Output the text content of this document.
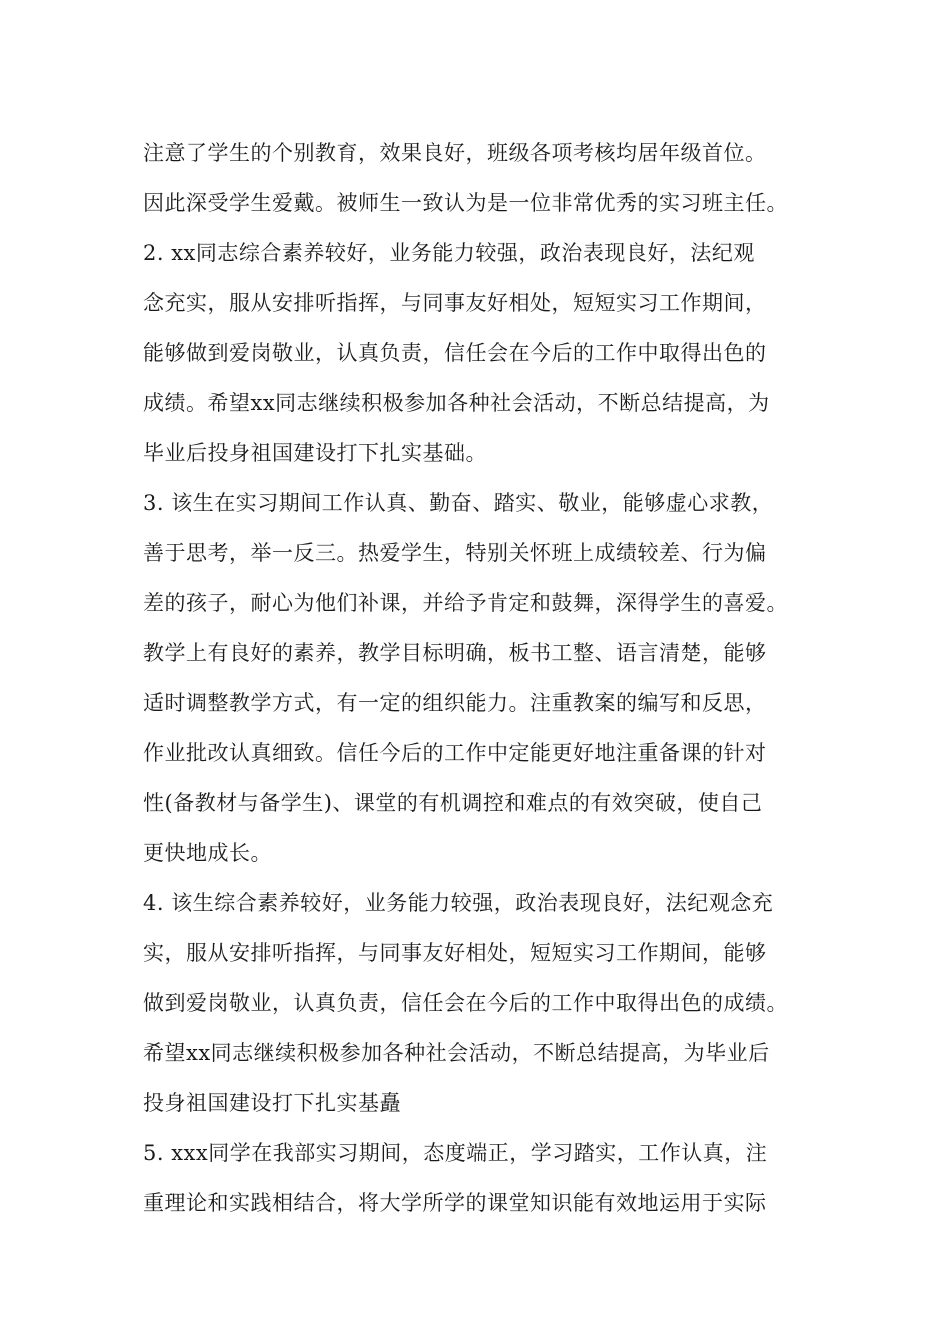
注意了学生的个别教育，效果良好，班级各项考核均居年级首位。
因此深受学生爱戴。被师生一致认为是一位非常优秀的实习班主任。
2. xx同志综合素养较好，业务能力较强，政治表现良好，法纪观
念充实，服从安排听指挥，与同事友好相处，短短实习工作期间，
能够做到爱岗敬业，认真负责，信任会在今后的工作中取得出色的
成绩。希望xx同志继续积极参加各种社会活动，不断总结提高，为
毕业后投身祖国建设打下扎实基础。
3. 该生在实习期间工作认真、勤奋、踏实、敬业，能够虚心求教，
善于思考，举一反三。热爱学生，特别关怀班上成绩较差、行为偏
差的孩子，耐心为他们补课，并给予肯定和鼓舞，深得学生的喜爱。
教学上有良好的素养，教学目标明确，板书工整、语言清楚，能够
适时调整教学方式，有一定的组织能力。注重教案的编写和反思，
作业批改认真细致。信任今后的工作中定能更好地注重备课的针对
性(备教材与备学生)、课堂的有机调控和难点的有效突破，使自己
更快地成长。
4. 该生综合素养较好，业务能力较强，政治表现良好，法纪观念充
实，服从安排听指挥，与同事友好相处，短短实习工作期间，能够
做到爱岗敬业，认真负责，信任会在今后的工作中取得出色的成绩。
希望xx同志继续积极参加各种社会活动，不断总结提高，为毕业后
投身祖国建设打下扎实基矗
5. xxx同学在我部实习期间，态度端正，学习踏实，工作认真，注
重理论和实践相结合，将大学所学的课堂知识能有效地运用于实际
